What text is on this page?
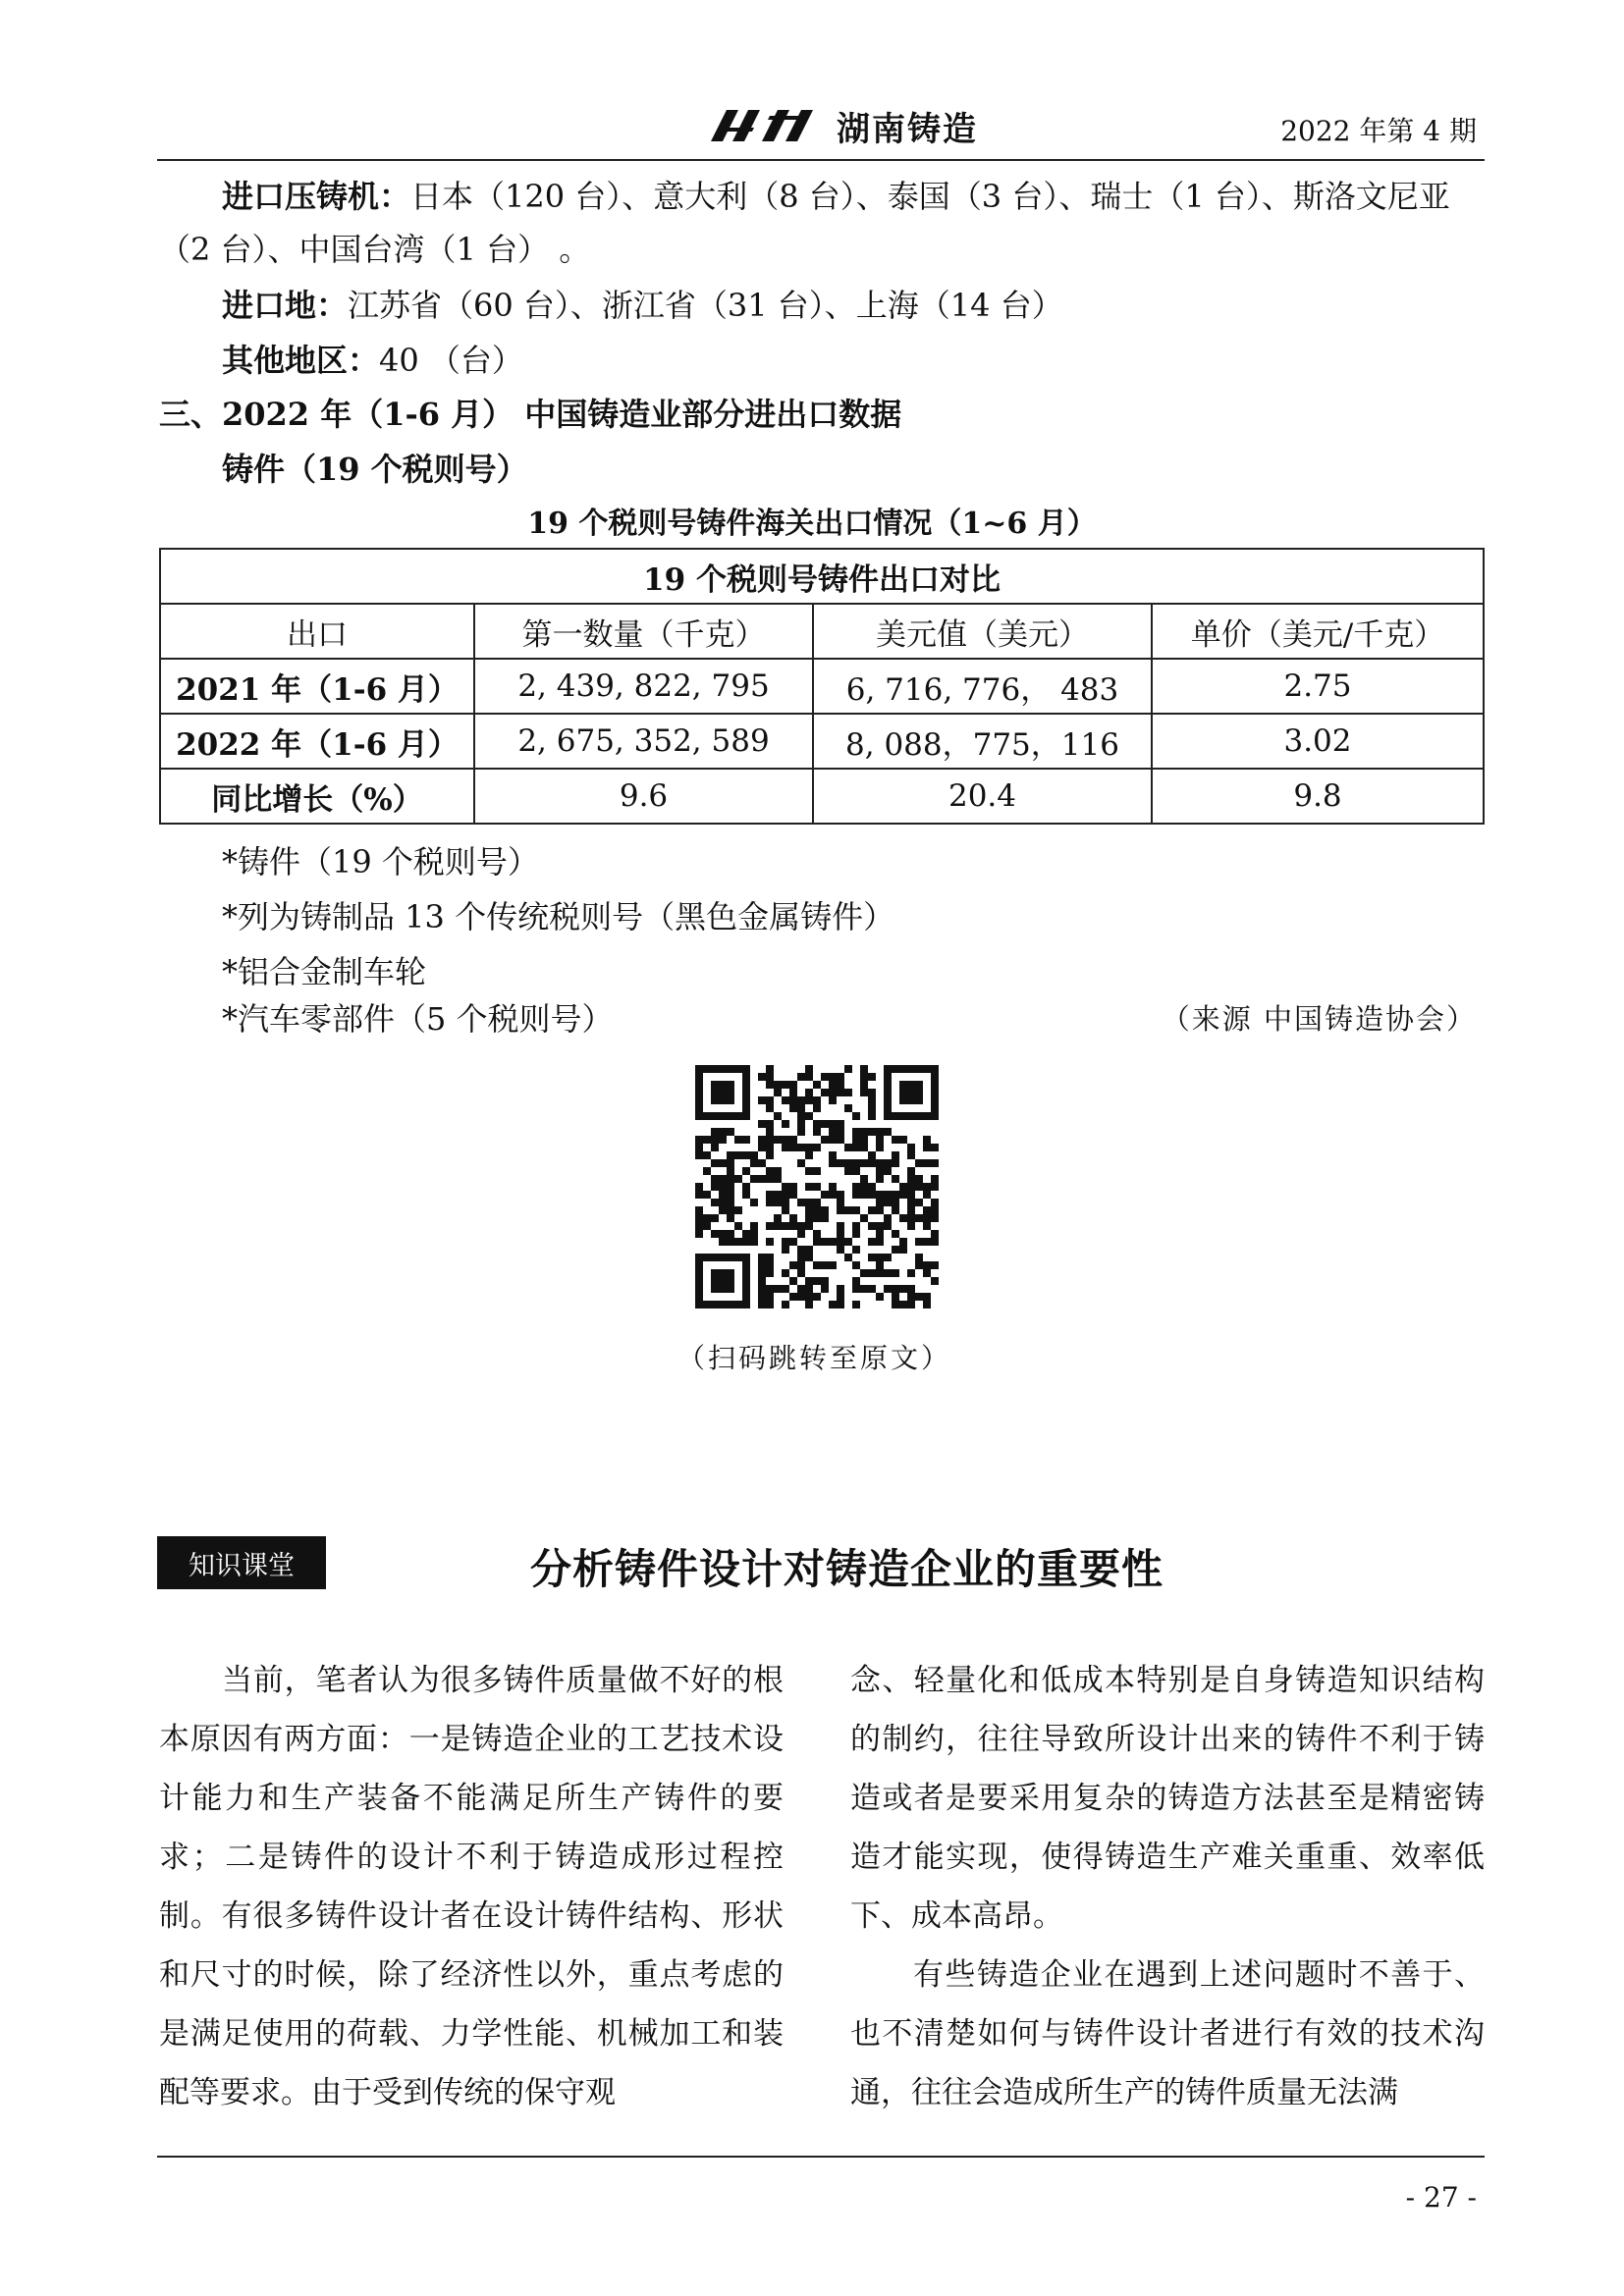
湖南铸造	2022 年第 4 期
进口压铸机：日本（120 台）、意大利（8 台）、泰国（3 台）、瑞士（1 台）、斯洛文尼亚
（2 台）、中国台湾（1 台） 。
进口地：江苏省（60 台）、浙江省（31 台）、上海（14 台）
其他地区：40 （台）
三、2022 年（1-6 月） 中国铸造业部分进出口数据
铸件（19 个税则号）
19 个税则号铸件海关出口情况（1~6 月）
19 个税则号铸件出口对比			
出口	第一数量（千克）	美元值（美元）	单价（美元/千克）
2021 年（1-6 月）	2, 439, 822, 795	6, 716, 776， 483	2.75
2022 年（1-6 月）	2, 675, 352, 589	8, 088，775，116	3.02
同比增长（%）	9.6	20.4	9.8
*铸件（19 个税则号）
*列为铸制品 13 个传统税则号（黑色金属铸件）
*铝合金制车轮
*汽车零部件（5 个税则号）	（来源 中国铸造协会）
（扫码跳转至原文）
知识课堂	分析铸件设计对铸造企业的重要性

当前，笔者认为很多铸件质量做不好的根本原因有两方面：一是铸造企业的工艺技术设计能力和生产装备不能满足所生产铸件的要求；二是铸件的设计不利于铸造成形过程控制。有很多铸件设计者在设计铸件结构、形状和尺寸的时候，除了经济性以外，重点考虑的是满足使用的荷载、力学性能、机械加工和装配等要求。由于受到传统的保守观

念、轻量化和低成本特别是自身铸造知识结构的制约，往往导致所设计出来的铸件不利于铸造或者是要采用复杂的铸造方法甚至是精密铸造才能实现，使得铸造生产难关重重、效率低下、成本高昂。

有些铸造企业在遇到上述问题时不善于、也不清楚如何与铸件设计者进行有效的技术沟通，往往会造成所生产的铸件质量无法满

- 27 -
